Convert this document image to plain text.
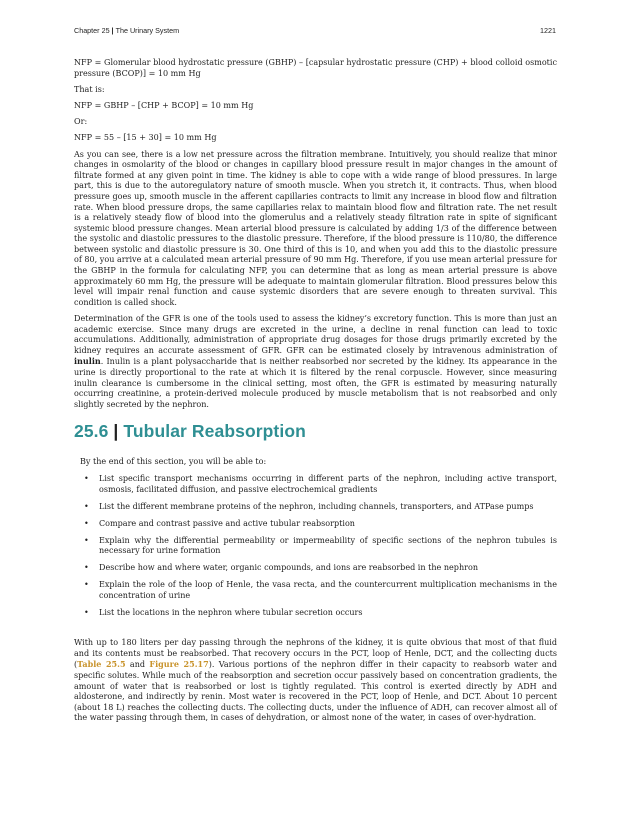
Chapter 25 | The Urinary System	1221

NFP = Glomerular blood hydrostatic pressure (GBHP) – [capsular hydrostatic pressure (CHP) + blood colloid osmotic pressure (BCOP)] = 10 mm Hg

That is:

NFP = GBHP – [CHP + BCOP] = 10 mm Hg

Or:

NFP = 55 – [15 + 30] = 10 mm Hg

As you can see, there is a low net pressure across the filtration membrane. Intuitively, you should realize that minor changes in osmolarity of the blood or changes in capillary blood pressure result in major changes in the amount of filtrate formed at any given point in time. The kidney is able to cope with a wide range of blood pressures. In large part, this is due to the autoregulatory nature of smooth muscle. When you stretch it, it contracts. Thus, when blood pressure goes up, smooth muscle in the afferent capillaries contracts to limit any increase in blood flow and filtration rate. When blood pressure drops, the same capillaries relax to maintain blood flow and filtration rate. The net result is a relatively steady flow of blood into the glomerulus and a relatively steady filtration rate in spite of significant systemic blood pressure changes. Mean arterial blood pressure is calculated by adding 1/3 of the difference between the systolic and diastolic pressures to the diastolic pressure. Therefore, if the blood pressure is 110/80, the difference between systolic and diastolic pressure is 30. One third of this is 10, and when you add this to the diastolic pressure of 80, you arrive at a calculated mean arterial pressure of 90 mm Hg. Therefore, if you use mean arterial pressure for the GBHP in the formula for calculating NFP, you can determine that as long as mean arterial pressure is above approximately 60 mm Hg, the pressure will be adequate to maintain glomerular filtration. Blood pressures below this level will impair renal function and cause systemic disorders that are severe enough to threaten survival. This condition is called shock.

Determination of the GFR is one of the tools used to assess the kidney’s excretory function. This is more than just an academic exercise. Since many drugs are excreted in the urine, a decline in renal function can lead to toxic accumulations. Additionally, administration of appropriate drug dosages for those drugs primarily excreted by the kidney requires an accurate assessment of GFR. GFR can be estimated closely by intravenous administration of inulin. Inulin is a plant polysaccharide that is neither reabsorbed nor secreted by the kidney. Its appearance in the urine is directly proportional to the rate at which it is filtered by the renal corpuscle. However, since measuring inulin clearance is cumbersome in the clinical setting, most often, the GFR is estimated by measuring naturally occurring creatinine, a protein-derived molecule produced by muscle metabolism that is not reabsorbed and only slightly secreted by the nephron.

25.6 | Tubular Reabsorption
By the end of this section, you will be able to:
• List specific transport mechanisms occurring in different parts of the nephron, including active transport, osmosis, facilitated diffusion, and passive electrochemical gradients
• List the different membrane proteins of the nephron, including channels, transporters, and ATPase pumps
• Compare and contrast passive and active tubular reabsorption
• Explain why the differential permeability or impermeability of specific sections of the nephron tubules is necessary for urine formation
• Describe how and where water, organic compounds, and ions are reabsorbed in the nephron
• Explain the role of the loop of Henle, the vasa recta, and the countercurrent multiplication mechanisms in the concentration of urine
• List the locations in the nephron where tubular secretion occurs

With up to 180 liters per day passing through the nephrons of the kidney, it is quite obvious that most of that fluid and its contents must be reabsorbed. That recovery occurs in the PCT, loop of Henle, DCT, and the collecting ducts (Table 25.5 and Figure 25.17). Various portions of the nephron differ in their capacity to reabsorb water and specific solutes. While much of the reabsorption and secretion occur passively based on concentration gradients, the amount of water that is reabsorbed or lost is tightly regulated. This control is exerted directly by ADH and aldosterone, and indirectly by renin. Most water is recovered in the PCT, loop of Henle, and DCT. About 10 percent (about 18 L) reaches the collecting ducts. The collecting ducts, under the influence of ADH, can recover almost all of the water passing through them, in cases of dehydration, or almost none of the water, in cases of over-hydration.
